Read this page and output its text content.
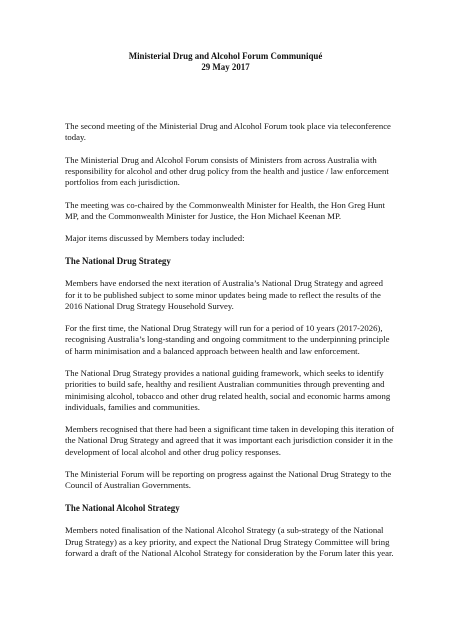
Ministerial Drug and Alcohol Forum Communiqué
29 May 2017

The second meeting of the Ministerial Drug and Alcohol Forum took place via teleconference today.

The Ministerial Drug and Alcohol Forum consists of Ministers from across Australia with responsibility for alcohol and other drug policy from the health and justice / law enforcement portfolios from each jurisdiction.

The meeting was co-chaired by the Commonwealth Minister for Health, the Hon Greg Hunt MP, and the Commonwealth Minister for Justice, the Hon Michael Keenan MP.

Major items discussed by Members today included:

The National Drug Strategy

Members have endorsed the next iteration of Australia’s National Drug Strategy and agreed for it to be published subject to some minor updates being made to reflect the results of the 2016 National Drug Strategy Household Survey.

For the first time, the National Drug Strategy will run for a period of 10 years (2017-2026), recognising Australia’s long-standing and ongoing commitment to the underpinning principle of harm minimisation and a balanced approach between health and law enforcement.

The National Drug Strategy provides a national guiding framework, which seeks to identify priorities to build safe, healthy and resilient Australian communities through preventing and minimising alcohol, tobacco and other drug related health, social and economic harms among individuals, families and communities.

Members recognised that there had been a significant time taken in developing this iteration of the National Drug Strategy and agreed that it was important each jurisdiction consider it in the development of local alcohol and other drug policy responses.

The Ministerial Forum will be reporting on progress against the National Drug Strategy to the Council of Australian Governments.

The National Alcohol Strategy

Members noted finalisation of the National Alcohol Strategy (a sub-strategy of the National Drug Strategy) as a key priority, and expect the National Drug Strategy Committee will bring forward a draft of the National Alcohol Strategy for consideration by the Forum later this year.
